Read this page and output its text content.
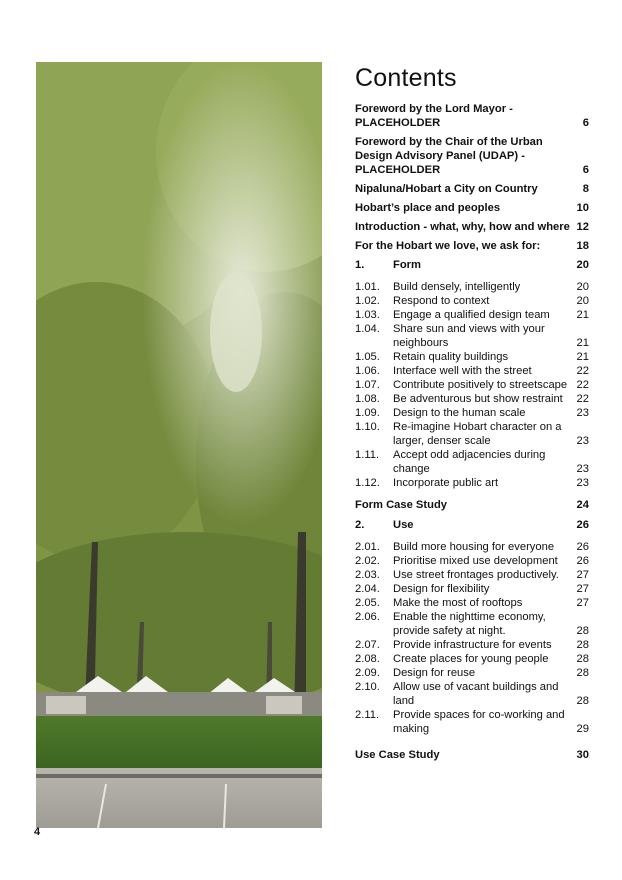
4
Contents
Foreword by the Lord Mayor - PLACEHOLDER	6
Foreword by the Chair of the Urban Design Advisory Panel (UDAP) - PLACEHOLDER	6
Nipaluna/Hobart a City on Country	8
Hobart’s place and peoples	10
Introduction - what, why, how and where 12
For the Hobart we love, we ask for:	18
1.	Form	20
1.01.	Build densely, intelligently	20
1.02.	Respond to context	20
1.03.	Engage a qualified design team	21
1.04.	Share sun and views with your neighbours	21
1.05.	Retain quality buildings	21
1.06.	Interface well with the street	22
1.07.	Contribute positively to streetscape 22
1.08.	Be adventurous but show restraint	22
1.09.	Design to the human scale	23
1.10.	Re-imagine Hobart character on a larger, denser scale	23
1.11.	Accept odd adjacencies during change	23
1.12.	Incorporate public art	23
Form Case Study	24
2.	Use	26
2.01.	Build more housing for everyone	26
2.02.	Prioritise mixed use development	26
2.03.	Use street frontages productively.	27
2.04.	Design for flexibility	27
2.05.	Make the most of rooftops	27
2.06.	Enable the nighttime economy, provide safety at night.	28
2.07.	Provide infrastructure for events	28
2.08.	Create places for young people	28
2.09.	Design for reuse	28
2.10.	Allow use of vacant buildings and land	28
2.11.	Provide spaces for co-working and making	29
Use Case Study	30
